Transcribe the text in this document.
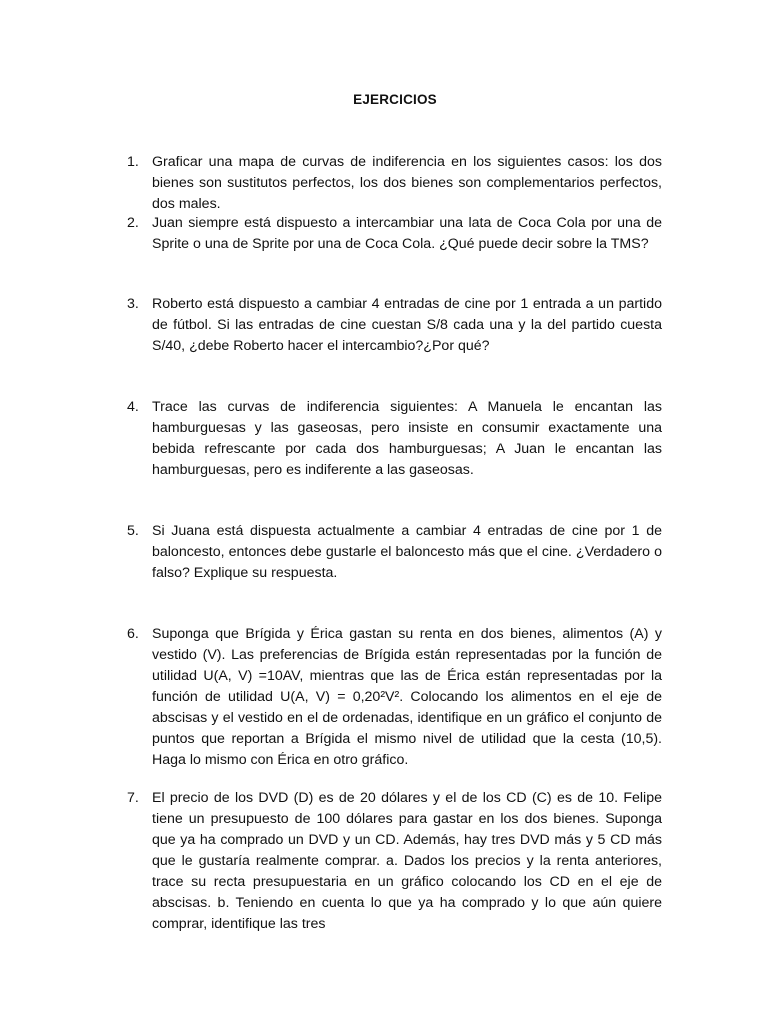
EJERCICIOS
1. Graficar una mapa de curvas de indiferencia en los siguientes casos: los dos bienes son sustitutos perfectos, los dos bienes son complementarios perfectos, dos males.
2. Juan siempre está dispuesto a intercambiar una lata de Coca Cola por una de Sprite o una de Sprite por una de Coca Cola. ¿Qué puede decir sobre la TMS?
3. Roberto está dispuesto a cambiar 4 entradas de cine por 1 entrada a un partido de fútbol. Si las entradas de cine cuestan S/8 cada una y la del partido cuesta S/40, ¿debe Roberto hacer el intercambio?¿Por qué?
4. Trace las curvas de indiferencia siguientes: A Manuela le encantan las hamburguesas y las gaseosas, pero insiste en consumir exactamente una bebida refrescante por cada dos hamburguesas; A Juan le encantan las hamburguesas, pero es indiferente a las gaseosas.
5. Si Juana está dispuesta actualmente a cambiar 4 entradas de cine por 1 de baloncesto, entonces debe gustarle el baloncesto más que el cine. ¿Verdadero o falso? Explique su respuesta.
6. Suponga que Brígida y Érica gastan su renta en dos bienes, alimentos (A) y vestido (V). Las preferencias de Brígida están representadas por la función de utilidad U(A, V) =10AV, mientras que las de Érica están representadas por la función de utilidad U(A, V) = 0,20²V². Colocando los alimentos en el eje de abscisas y el vestido en el de ordenadas, identifique en un gráfico el conjunto de puntos que reportan a Brígida el mismo nivel de utilidad que la cesta (10,5). Haga lo mismo con Érica en otro gráfico.
7. El precio de los DVD (D) es de 20 dólares y el de los CD (C) es de 10. Felipe tiene un presupuesto de 100 dólares para gastar en los dos bienes. Suponga que ya ha comprado un DVD y un CD. Además, hay tres DVD más y 5 CD más que le gustaría realmente comprar. a. Dados los precios y la renta anteriores, trace su recta presupuestaria en un gráfico colocando los CD en el eje de abscisas. b. Teniendo en cuenta lo que ya ha comprado y lo que aún quiere comprar, identifique las tres
